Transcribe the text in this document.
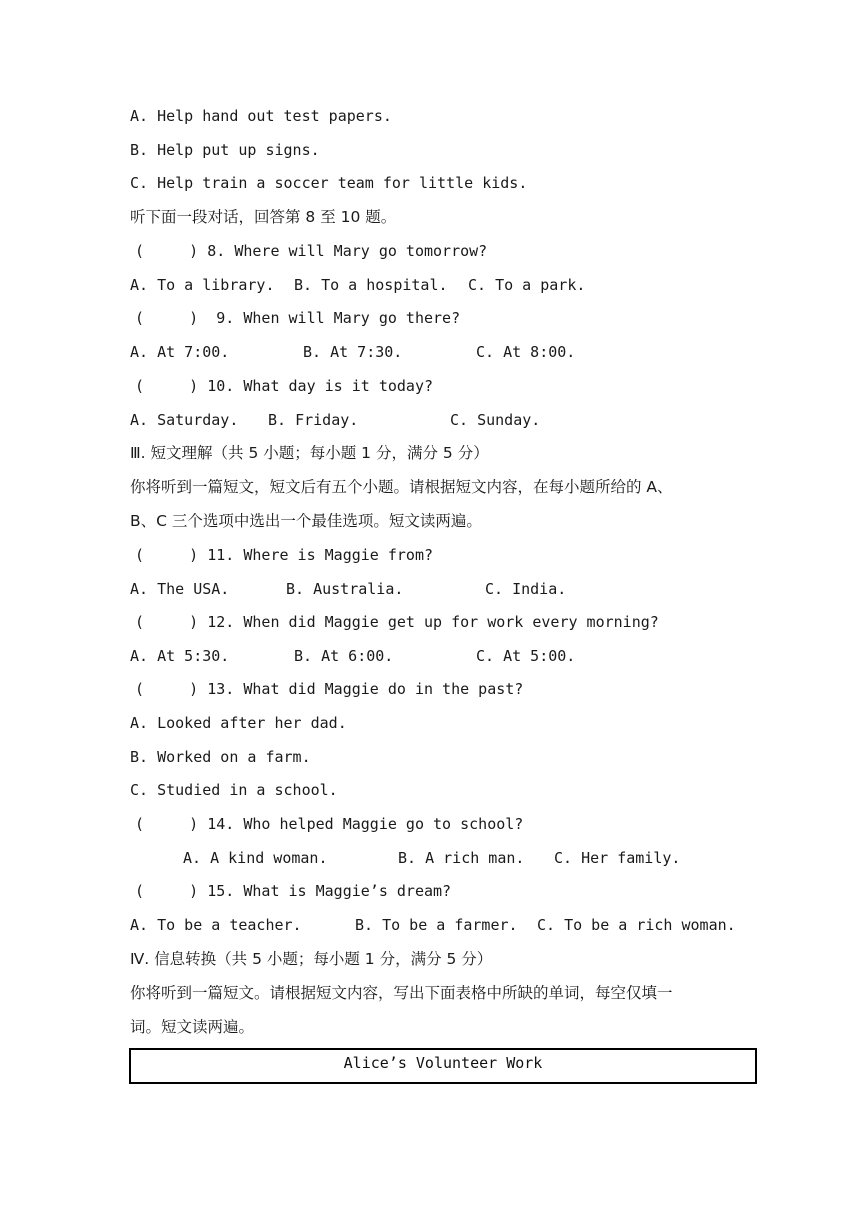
A. Help hand out test papers.
B. Help put up signs.
C. Help train a soccer team for little kids.
听下面一段对话，回答第 8 至 10 题。
(     ) 8. Where will Mary go tomorrow?
A. To a library. B. To a hospital. C. To a park.
(     )  9. When will Mary go there?
A. At 7:00.	B. At 7:30.	C. At 8:00.
(     ) 10. What day is it today?
A. Saturday. B. Friday.	C. Sunday.
Ⅲ. 短文理解（共 5 小题；每小题 1 分，满分 5 分）
你将听到一篇短文，短文后有五个小题。请根据短文内容，在每小题所给的 A、
B、C 三个选项中选出一个最佳选项。短文读两遍。
(     ) 11. Where is Maggie from?
A. The USA.	B. Australia.	C. India.
(     ) 12. When did Maggie get up for work every morning?
A. At 5:30.	B. At 6:00.	C. At 5:00.
(     ) 13. What did Maggie do in the past?
A. Looked after her dad.
B. Worked on a farm.
C. Studied in a school.
(     ) 14. Who helped Maggie go to school?
A. A kind woman.	B. A rich man. C. Her family.
(     ) 15. What is Maggie’s dream?
A. To be a teacher.	B. To be a farmer. C. To be a rich woman.
Ⅳ. 信息转换（共 5 小题；每小题 1 分，满分 5 分）
你将听到一篇短文。请根据短文内容，写出下面表格中所缺的单词，每空仅填一
词。短文读两遍。
Alice’s Volunteer Work
